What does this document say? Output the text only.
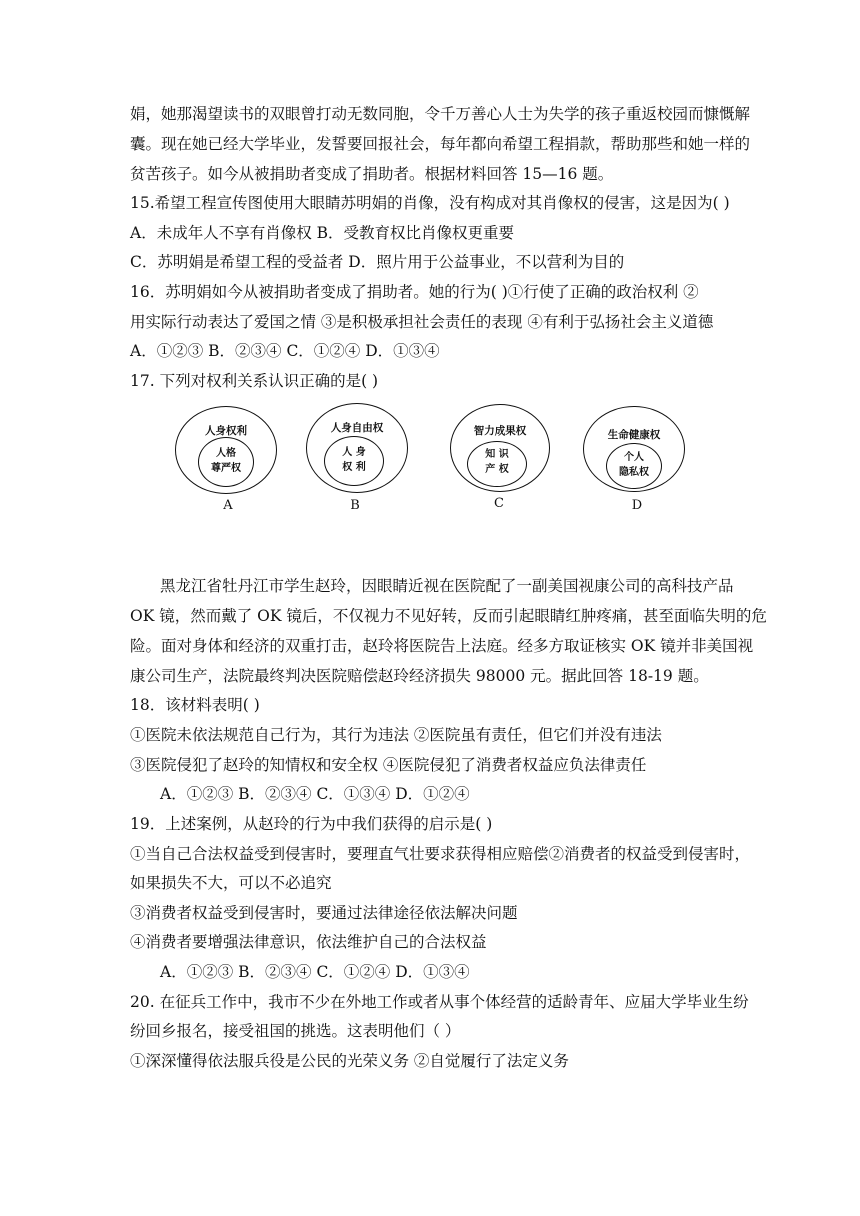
娟，她那渴望读书的双眼曾打动无数同胞，令千万善心人士为失学的孩子重返校园而慷慨解
囊。现在她已经大学毕业，发誓要回报社会，每年都向希望工程捐款，帮助那些和她一样的
贫苦孩子。如今从被捐助者变成了捐助者。根据材料回答 15—16 题。
15.希望工程宣传图使用大眼睛苏明娟的肖像，没有构成对其肖像权的侵害，这是因为( )
A．未成年人不享有肖像权 B．受教育权比肖像权更重要
C．苏明娟是希望工程的受益者 D．照片用于公益事业，不以营利为目的
16．苏明娟如今从被捐助者变成了捐助者。她的行为( )①行使了正确的政治权利 ②
用实际行动表达了爱国之情 ③是积极承担社会责任的表现 ④有利于弘扬社会主义道德
A．①②③ B．②③④ C．①②④ D．①③④
17. 下列对权利关系认识正确的是( )
人身权利
人格
尊严权
A
人身自由权
人 身
权 利
B
智力成果权
知 识
产 权
C
生命健康权
个人
隐私权
D
黑龙江省牡丹江市学生赵玲，因眼睛近视在医院配了一副美国视康公司的高科技产品
OK 镜，然而戴了 OK 镜后，不仅视力不见好转，反而引起眼睛红肿疼痛，甚至面临失明的危
险。面对身体和经济的双重打击，赵玲将医院告上法庭。经多方取证核实 OK 镜并非美国视
康公司生产，法院最终判决医院赔偿赵玲经济损失 98000 元。据此回答 18-19 题。
18．该材料表明( )
①医院未依法规范自己行为，其行为违法 ②医院虽有责任，但它们并没有违法
③医院侵犯了赵玲的知情权和安全权 ④医院侵犯了消费者权益应负法律责任
A．①②③ B．②③④ C．①③④ D．①②④
19．上述案例，从赵玲的行为中我们获得的启示是( )
①当自己合法权益受到侵害时，要理直气壮要求获得相应赔偿②消费者的权益受到侵害时，
如果损失不大，可以不必追究
③消费者权益受到侵害时，要通过法律途径依法解决问题
④消费者要增强法律意识，依法维护自己的合法权益
A．①②③ B．②③④ C．①②④ D．①③④
20. 在征兵工作中，我市不少在外地工作或者从事个体经营的适龄青年、应届大学毕业生纷
纷回乡报名，接受祖国的挑选。这表明他们（ ）
①深深懂得依法服兵役是公民的光荣义务 ②自觉履行了法定义务
